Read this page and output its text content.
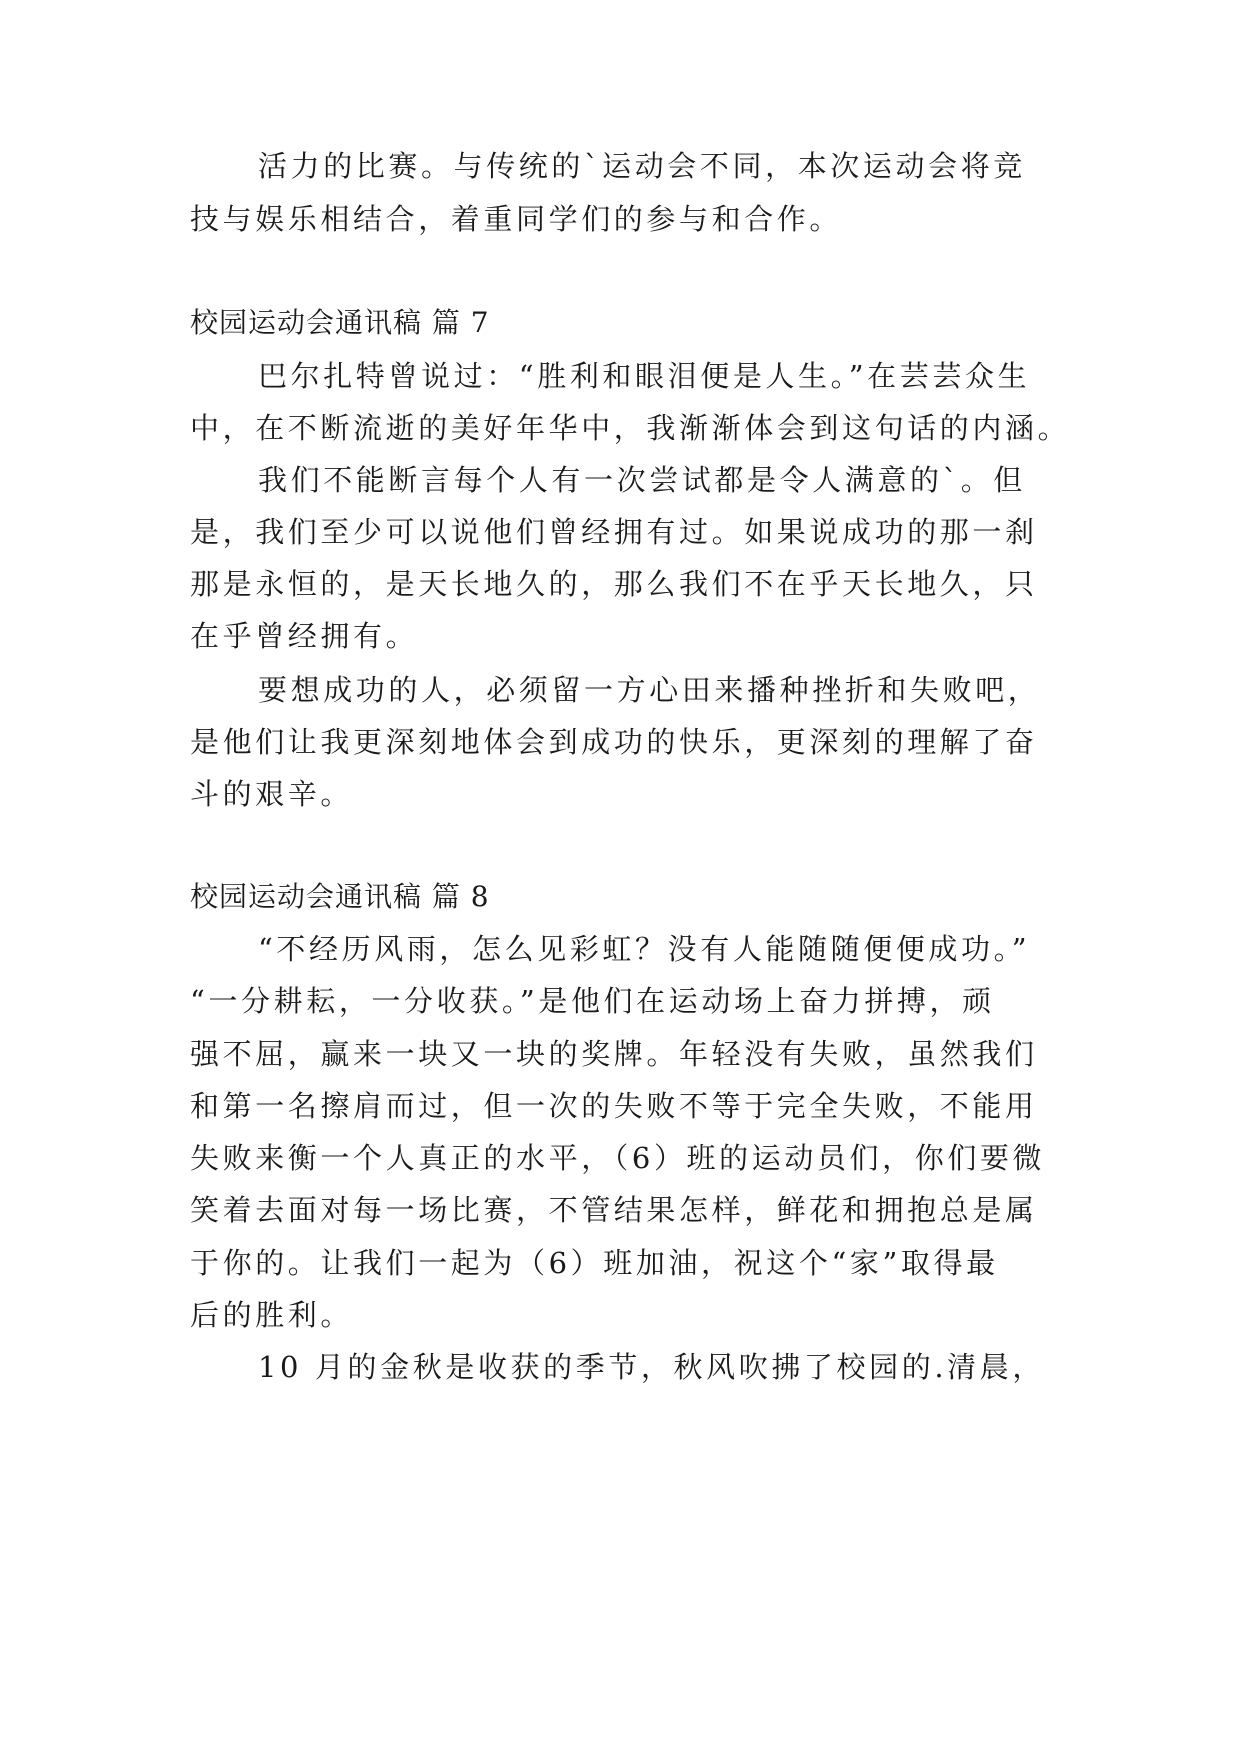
活力的比赛。与传统的`运动会不同，本次运动会将竞
技与娱乐相结合，着重同学们的参与和合作。
校园运动会通讯稿 篇 7
巴尔扎特曾说过：“胜利和眼泪便是人生。”在芸芸众生
中，在不断流逝的美好年华中，我渐渐体会到这句话的内涵。
我们不能断言每个人有一次尝试都是令人满意的`。但
是，我们至少可以说他们曾经拥有过。如果说成功的那一刹
那是永恒的，是天长地久的，那么我们不在乎天长地久，只
在乎曾经拥有。
要想成功的人，必须留一方心田来播种挫折和失败吧，
是他们让我更深刻地体会到成功的快乐，更深刻的理解了奋
斗的艰辛。
校园运动会通讯稿 篇 8
“不经历风雨，怎么见彩虹？没有人能随随便便成功。”
“一分耕耘，一分收获。”是他们在运动场上奋力拼搏，顽
强不屈，赢来一块又一块的奖牌。年轻没有失败，虽然我们
和第一名擦肩而过，但一次的失败不等于完全失败，不能用
失败来衡一个人真正的水平，（6）班的运动员们，你们要微
笑着去面对每一场比赛，不管结果怎样，鲜花和拥抱总是属
于你的。让我们一起为（6）班加油，祝这个“家”取得最
后的胜利。
10 月的金秋是收获的季节，秋风吹拂了校园的.清晨，
